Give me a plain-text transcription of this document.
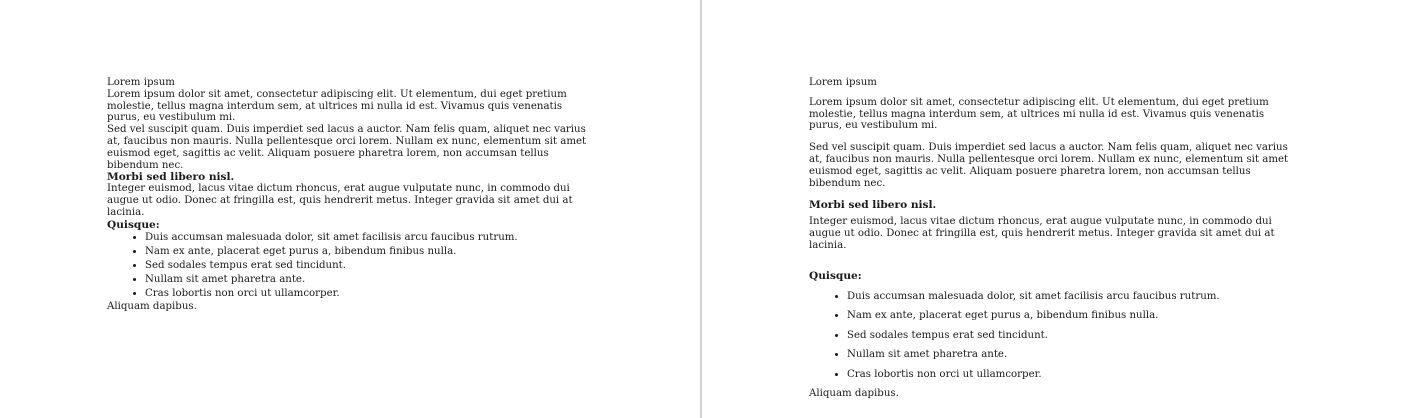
Lorem ipsum

Lorem ipsum dolor sit amet, consectetur adipiscing elit. Ut elementum, dui eget pretium molestie, tellus magna interdum sem, at ultrices mi nulla id est. Vivamus quis venenatis purus, eu vestibulum mi.

Sed vel suscipit quam. Duis imperdiet sed lacus a auctor. Nam felis quam, aliquet nec varius at, faucibus non mauris. Nulla pellentesque orci lorem. Nullam ex nunc, elementum sit amet euismod eget, sagittis ac velit. Aliquam posuere pharetra lorem, non accumsan tellus bibendum nec.

Morbi sed libero nisl.

Integer euismod, lacus vitae dictum rhoncus, erat augue vulputate nunc, in commodo dui augue ut odio. Donec at fringilla est, quis hendrerit metus. Integer gravida sit amet dui at lacinia.

Quisque:
• Duis accumsan malesuada dolor, sit amet facilisis arcu faucibus rutrum.
• Nam ex ante, placerat eget purus a, bibendum finibus nulla.
• Sed sodales tempus erat sed tincidunt.
• Nullam sit amet pharetra ante.
• Cras lobortis non orci ut ullamcorper.

Aliquam dapibus.

Lorem ipsum

Lorem ipsum dolor sit amet, consectetur adipiscing elit. Ut elementum, dui eget pretium molestie, tellus magna interdum sem, at ultrices mi nulla id est. Vivamus quis venenatis purus, eu vestibulum mi.

Sed vel suscipit quam. Duis imperdiet sed lacus a auctor. Nam felis quam, aliquet nec varius at, faucibus non mauris. Nulla pellentesque orci lorem. Nullam ex nunc, elementum sit amet euismod eget, sagittis ac velit. Aliquam posuere pharetra lorem, non accumsan tellus bibendum nec.

Morbi sed libero nisl.

Integer euismod, lacus vitae dictum rhoncus, erat augue vulputate nunc, in commodo dui augue ut odio. Donec at fringilla est, quis hendrerit metus. Integer gravida sit amet dui at lacinia.

Quisque:
• Duis accumsan malesuada dolor, sit amet facilisis arcu faucibus rutrum.
• Nam ex ante, placerat eget purus a, bibendum finibus nulla.
• Sed sodales tempus erat sed tincidunt.
• Nullam sit amet pharetra ante.
• Cras lobortis non orci ut ullamcorper.

Aliquam dapibus.
